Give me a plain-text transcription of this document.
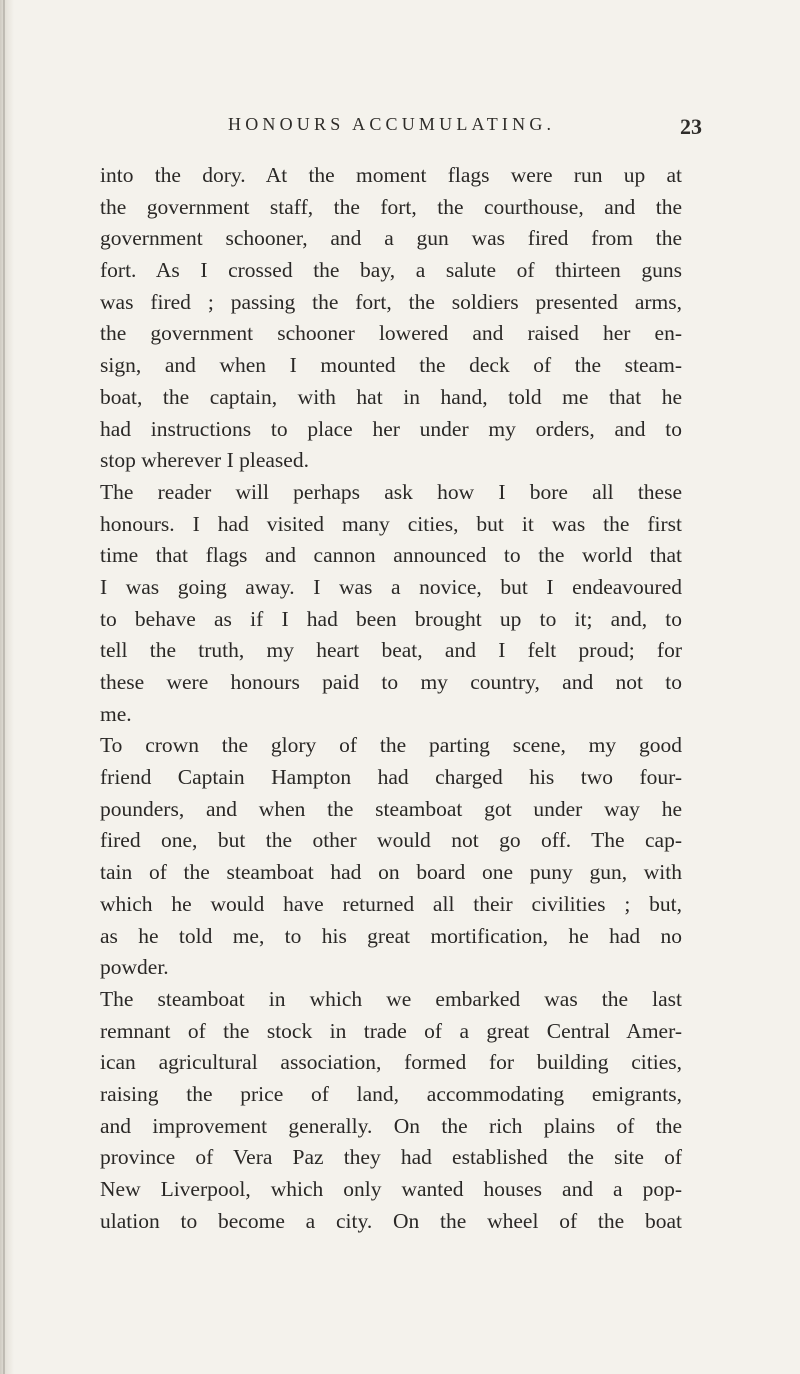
HONOURS ACCUMULATING.	23
into the dory. At the moment flags were run up at
the government staff, the fort, the courthouse, and the
government schooner, and a gun was fired from the
fort. As I crossed the bay, a salute of thirteen guns
was fired ; passing the fort, the soldiers presented arms,
the government schooner lowered and raised her en-
sign, and when I mounted the deck of the steam-
boat, the captain, with hat in hand, told me that he
had instructions to place her under my orders, and to
stop wherever I pleased.
The reader will perhaps ask how I bore all these
honours. I had visited many cities, but it was the first
time that flags and cannon announced to the world that
I was going away. I was a novice, but I endeavoured
to behave as if I had been brought up to it; and, to
tell the truth, my heart beat, and I felt proud; for
these were honours paid to my country, and not to
me.
To crown the glory of the parting scene, my good
friend Captain Hampton had charged his two four-
pounders, and when the steamboat got under way he
fired one, but the other would not go off. The cap-
tain of the steamboat had on board one puny gun, with
which he would have returned all their civilities ; but,
as he told me, to his great mortification, he had no
powder.
The steamboat in which we embarked was the last
remnant of the stock in trade of a great Central Amer-
ican agricultural association, formed for building cities,
raising the price of land, accommodating emigrants,
and improvement generally. On the rich plains of the
province of Vera Paz they had established the site of
New Liverpool, which only wanted houses and a pop-
ulation to become a city. On the wheel of the boat
